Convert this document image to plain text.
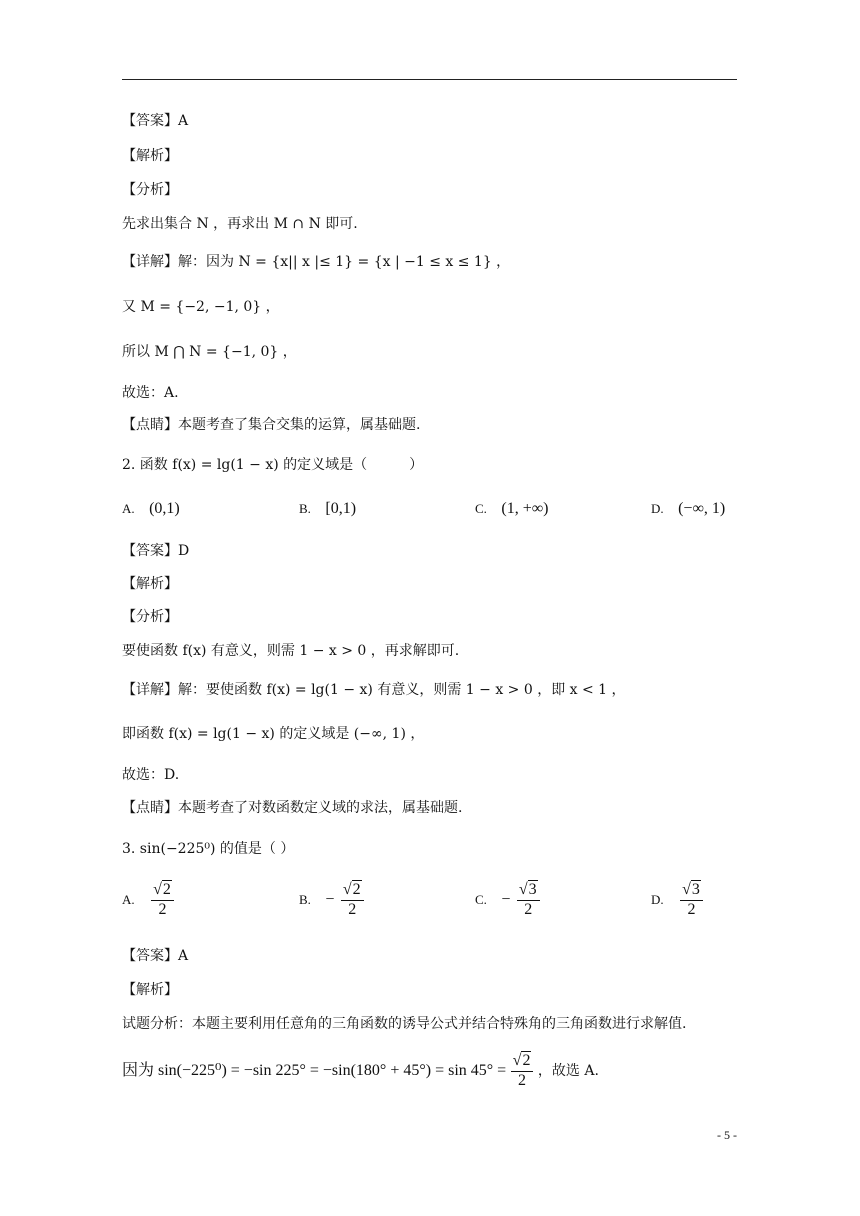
【答案】A
【解析】
【分析】
先求出集合 N ，再求出 M ∩ N 即可.
【详解】解：因为 N = {x|| x |≤ 1} = {x | −1 ≤ x ≤ 1} ，
又 M = {−2, −1, 0} ，
所以 M ⋂ N = {−1, 0} ，
故选：A.
【点睛】本题考查了集合交集的运算，属基础题.
2. 函数 f(x) = lg(1 − x) 的定义域是（　　　）
A. (0,1)	B. [0,1)	C. (1, +∞)	D. (−∞, 1)
【答案】D
【解析】
【分析】
要使函数 f(x) 有意义，则需 1 − x > 0 ，再求解即可.
【详解】解：要使函数 f(x) = lg(1 − x) 有意义，则需 1 − x > 0 ，即 x < 1 ，
即函数 f(x) = lg(1 − x) 的定义域是 (−∞, 1) ，
故选：D.
【点睛】本题考查了对数函数定义域的求法，属基础题.
3. sin(−225⁰) 的值是（ ）
A. $\frac{√2}{2}$	B. − $\frac{√2}{2}$	C. − $\frac{√3}{2}$	D. $\frac{√3}{2}$
【答案】A
【解析】
试题分析：本题主要利用任意角的三角函数的诱导公式并结合特殊角的三角函数进行求解值.
因为 sin(−225⁰) = −sin $225^\circ = -\sin(180^\circ + 45^\circ) = \sin 45^\circ = \frac{√2}{2}$ ，故选 A.
- 5 -
